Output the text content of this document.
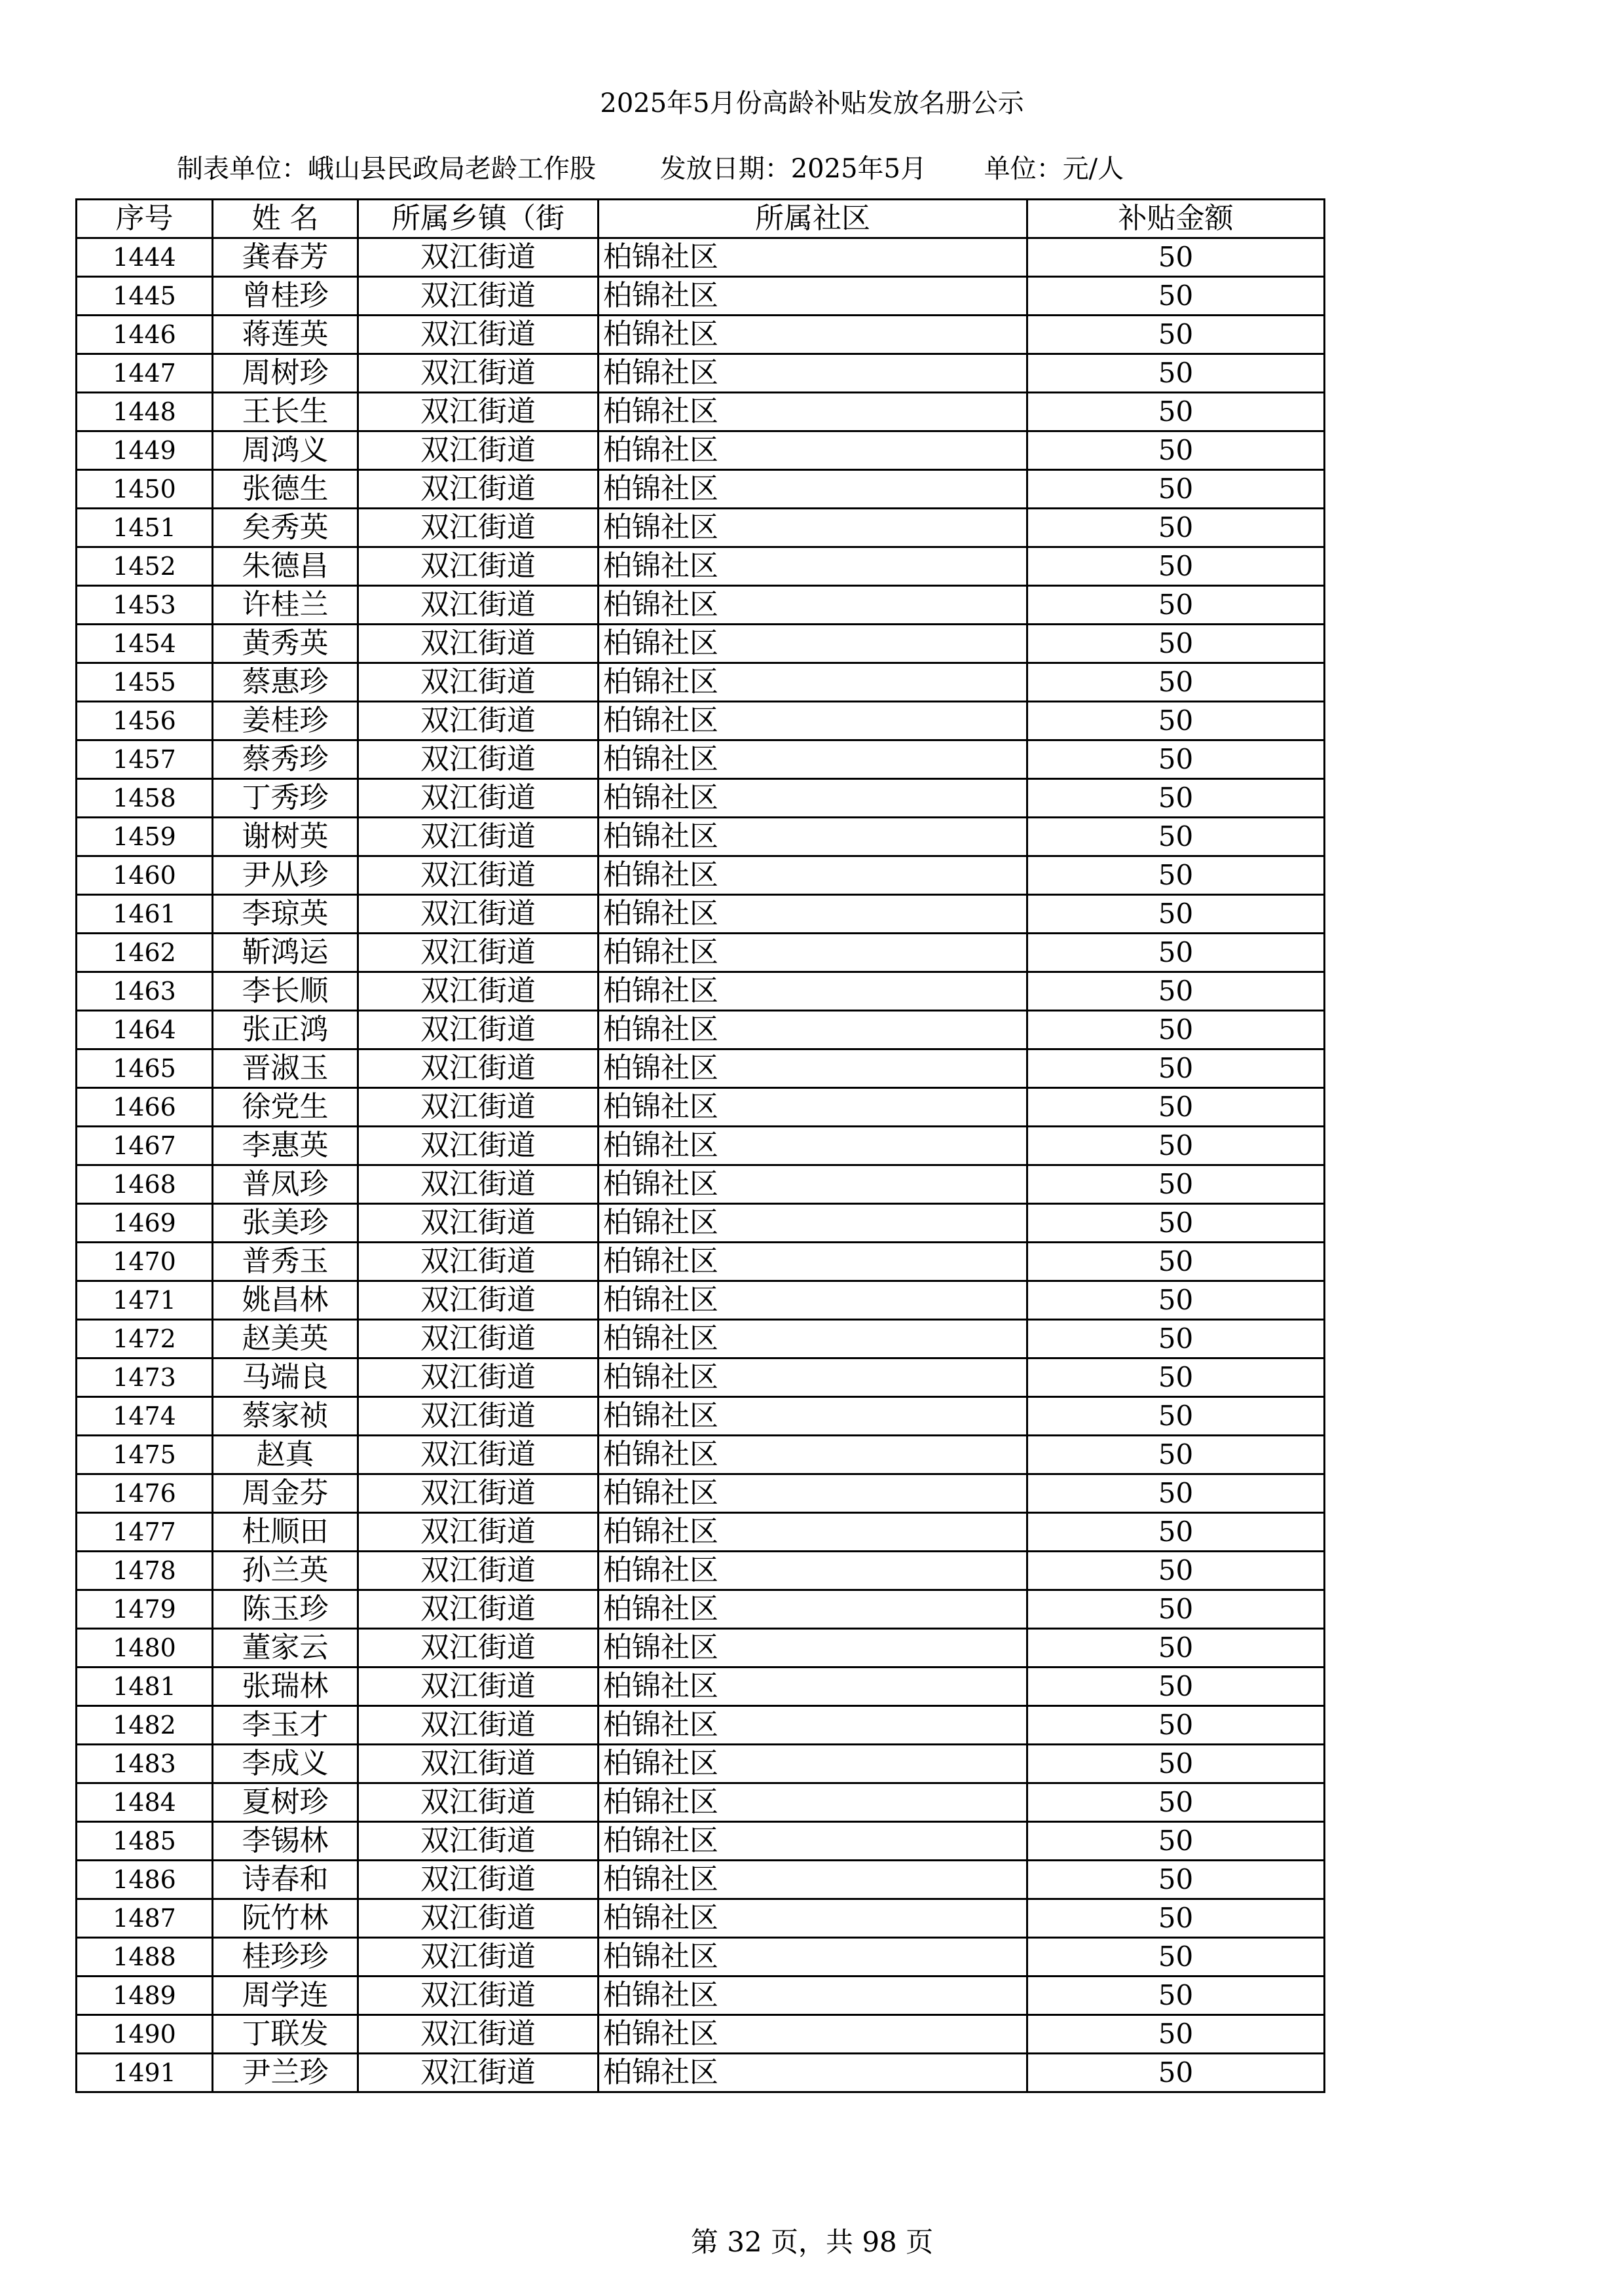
2025年5月份高龄补贴发放名册公示
制表单位：峨山县民政局老龄工作股 发放日期：2025年5月 单位：元/人
序号	姓 名	所属乡镇（街	所属社区	补贴金额
1444	龚春芳	双江街道	柏锦社区	50
1445	曾桂珍	双江街道	柏锦社区	50
1446	蒋莲英	双江街道	柏锦社区	50
1447	周树珍	双江街道	柏锦社区	50
1448	王长生	双江街道	柏锦社区	50
1449	周鸿义	双江街道	柏锦社区	50
1450	张德生	双江街道	柏锦社区	50
1451	矣秀英	双江街道	柏锦社区	50
1452	朱德昌	双江街道	柏锦社区	50
1453	许桂兰	双江街道	柏锦社区	50
1454	黄秀英	双江街道	柏锦社区	50
1455	蔡惠珍	双江街道	柏锦社区	50
1456	姜桂珍	双江街道	柏锦社区	50
1457	蔡秀珍	双江街道	柏锦社区	50
1458	丁秀珍	双江街道	柏锦社区	50
1459	谢树英	双江街道	柏锦社区	50
1460	尹从珍	双江街道	柏锦社区	50
1461	李琼英	双江街道	柏锦社区	50
1462	靳鸿运	双江街道	柏锦社区	50
1463	李长顺	双江街道	柏锦社区	50
1464	张正鸿	双江街道	柏锦社区	50
1465	晋淑玉	双江街道	柏锦社区	50
1466	徐党生	双江街道	柏锦社区	50
1467	李惠英	双江街道	柏锦社区	50
1468	普凤珍	双江街道	柏锦社区	50
1469	张美珍	双江街道	柏锦社区	50
1470	普秀玉	双江街道	柏锦社区	50
1471	姚昌林	双江街道	柏锦社区	50
1472	赵美英	双江街道	柏锦社区	50
1473	马端良	双江街道	柏锦社区	50
1474	蔡家祯	双江街道	柏锦社区	50
1475	赵真	双江街道	柏锦社区	50
1476	周金芬	双江街道	柏锦社区	50
1477	杜顺田	双江街道	柏锦社区	50
1478	孙兰英	双江街道	柏锦社区	50
1479	陈玉珍	双江街道	柏锦社区	50
1480	董家云	双江街道	柏锦社区	50
1481	张瑞林	双江街道	柏锦社区	50
1482	李玉才	双江街道	柏锦社区	50
1483	李成义	双江街道	柏锦社区	50
1484	夏树珍	双江街道	柏锦社区	50
1485	李锡林	双江街道	柏锦社区	50
1486	诗春和	双江街道	柏锦社区	50
1487	阮竹林	双江街道	柏锦社区	50
1488	桂珍珍	双江街道	柏锦社区	50
1489	周学连	双江街道	柏锦社区	50
1490	丁联发	双江街道	柏锦社区	50
1491	尹兰珍	双江街道	柏锦社区	50
第 32 页，共 98 页
